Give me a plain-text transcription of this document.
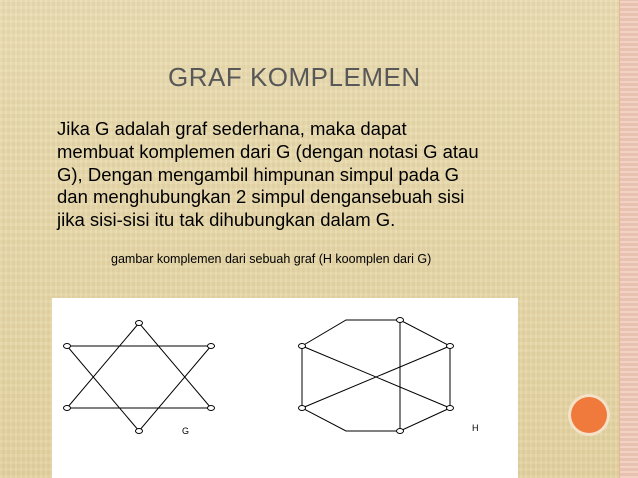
GRAF KOMPLEMEN
Jika G adalah graf sederhana, maka dapat
membuat komplemen dari G (dengan notasi G atau
G), Dengan mengambil himpunan simpul pada G
dan menghubungkan 2 simpul dengansebuah sisi
jika sisi-sisi itu tak dihubungkan dalam G.
gambar komplemen dari sebuah graf (H koomplen dari G)
G	H
